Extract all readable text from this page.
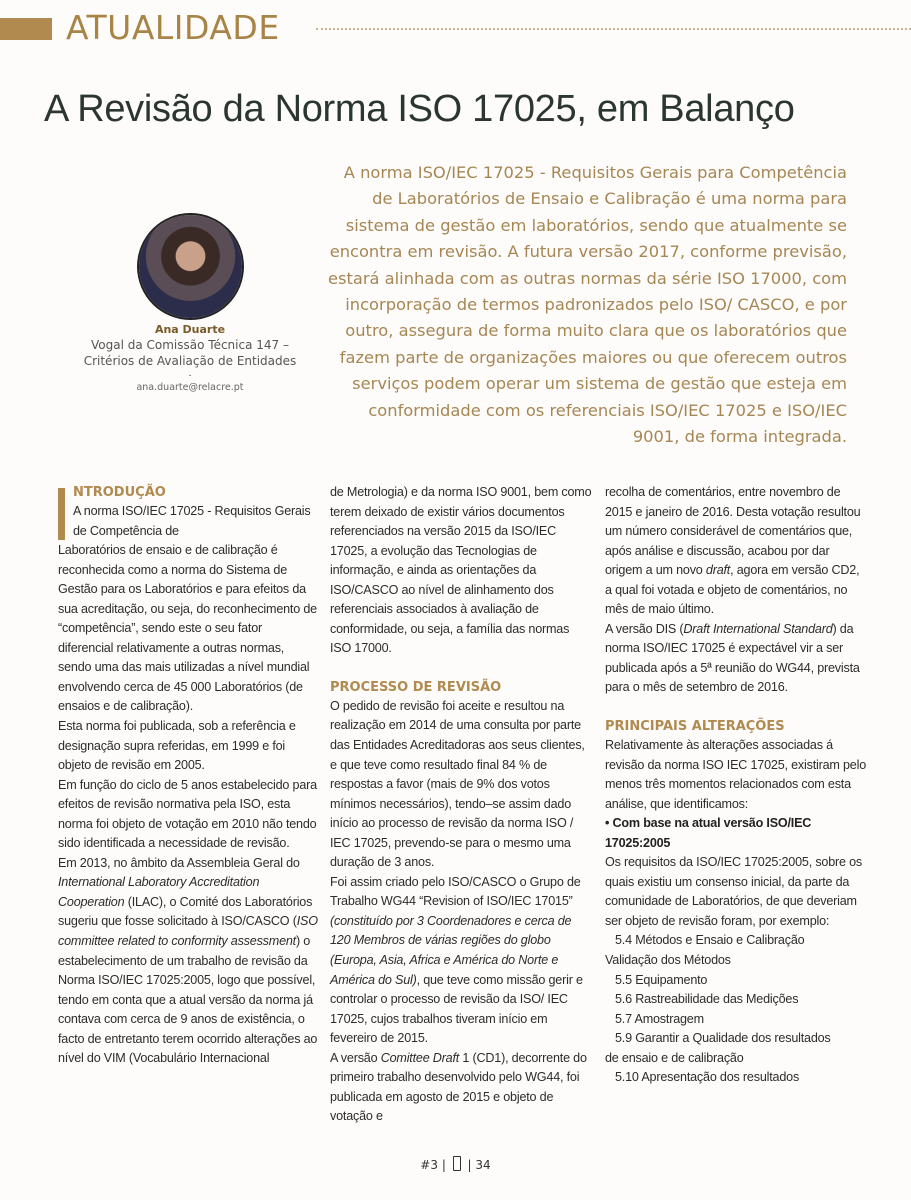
ATUALIDADE
A Revisão da Norma ISO 17025, em Balanço
Ana Duarte
Vogal da Comissão Técnica 147 –
Critérios de Avaliação de Entidades
-
ana.duarte@relacre.pt
A norma ISO/IEC 17025 - Requisitos Gerais para Competência de Laboratórios de Ensaio e Calibração é uma norma para sistema de gestão em laboratórios, sendo que atualmente se encontra em revisão. A futura versão 2017, conforme previsão, estará alinhada com as outras normas da série ISO 17000, com incorporação de termos padronizados pelo ISO/ CASCO, e por outro, assegura de forma muito clara que os laboratórios que fazem parte de organizações maiores ou que oferecem outros serviços podem operar um sistema de gestão que esteja em conformidade com os referenciais ISO/IEC 17025 e ISO/IEC 9001, de forma integrada.
NTRODUÇÃO

A norma ISO/IEC 17025 - Requisitos Gerais de Competência de

Laboratórios de ensaio e de calibração é reconhecida como a norma do Sistema de Gestão para os Laboratórios e para efeitos da sua acreditação, ou seja, do reconhecimento de “competência”, sendo este o seu fator diferencial relativamente a outras normas, sendo uma das mais utilizadas a nível mundial envolvendo cerca de 45 000 Laboratórios (de ensaios e de calibração).

Esta norma foi publicada, sob a referência e designação supra referidas, em 1999 e foi objeto de revisão em 2005.

Em função do ciclo de 5 anos estabelecido para efeitos de revisão normativa pela ISO, esta norma foi objeto de votação em 2010 não tendo sido identificada a necessidade de revisão.

Em 2013, no âmbito da Assembleia Geral do International Laboratory Accreditation Cooperation (ILAC), o Comité dos Laboratórios sugeriu que fosse solicitado à ISO/CASCO (ISO committee related to conformity assessment) o estabelecimento de um trabalho de revisão da Norma ISO/IEC 17025:2005, logo que possível, tendo em conta que a atual versão da norma já contava com cerca de 9 anos de existência, o facto de entretanto terem ocorrido alterações ao nível do VIM (Vocabulário Internacional

de Metrologia) e da norma ISO 9001, bem como terem deixado de existir vários documentos referenciados na versão 2015 da ISO/IEC 17025, a evolução das Tecnologias de informação, e ainda as orientações da ISO/CASCO ao nível de alinhamento dos referenciais associados à avaliação de conformidade, ou seja, a família das normas ISO 17000.

PROCESSO DE REVISÃO

O pedido de revisão foi aceite e resultou na realização em 2014 de uma consulta por parte das Entidades Acreditadoras aos seus clientes, e que teve como resultado final 84 % de respostas a favor (mais de 9% dos votos mínimos necessários), tendo–se assim dado início ao processo de revisão da norma ISO / IEC 17025, prevendo-se para o mesmo uma duração de 3 anos.

Foi assim criado pelo ISO/CASCO o Grupo de Trabalho WG44 “Revision of ISO/IEC 17015” (constituído por 3 Coordenadores e cerca de 120 Membros de várias regiões do globo (Europa, Asia, Africa e América do Norte e América do Sul), que teve como missão gerir e controlar o processo de revisão da ISO/ IEC 17025, cujos trabalhos tiveram início em fevereiro de 2015.

A versão Comittee Draft 1 (CD1), decorrente do primeiro trabalho desenvolvido pelo WG44, foi publicada em agosto de 2015 e objeto de votação e

recolha de comentários, entre novembro de 2015 e janeiro de 2016. Desta votação resultou um número considerável de comentários que, após análise e discussão, acabou por dar origem a um novo draft, agora em versão CD2, a qual foi votada e objeto de comentários, no mês de maio último.

A versão DIS (Draft International Standard) da norma ISO/IEC 17025 é expectável vir a ser publicada após a 5ª reunião do WG44, prevista para o mês de setembro de 2016.

PRINCIPAIS ALTERAÇÕES

Relativamente às alterações associadas á revisão da norma ISO IEC 17025, existiram pelo menos três momentos relacionados com esta análise, que identificamos:

• Com base na atual versão ISO/IEC 17025:2005

Os requisitos da ISO/IEC 17025:2005, sobre os quais existiu um consenso inicial, da parte da comunidade de Laboratórios, de que deveriam ser objeto de revisão foram, por exemplo:

5.4 Métodos e Ensaio e Calibração

Validação dos Métodos

5.5 Equipamento

5.6 Rastreabilidade das Medições

5.7 Amostragem

5.9 Garantir a Qualidade dos resultados

de ensaio e de calibração

5.10 Apresentação dos resultados

#3 | | 34
